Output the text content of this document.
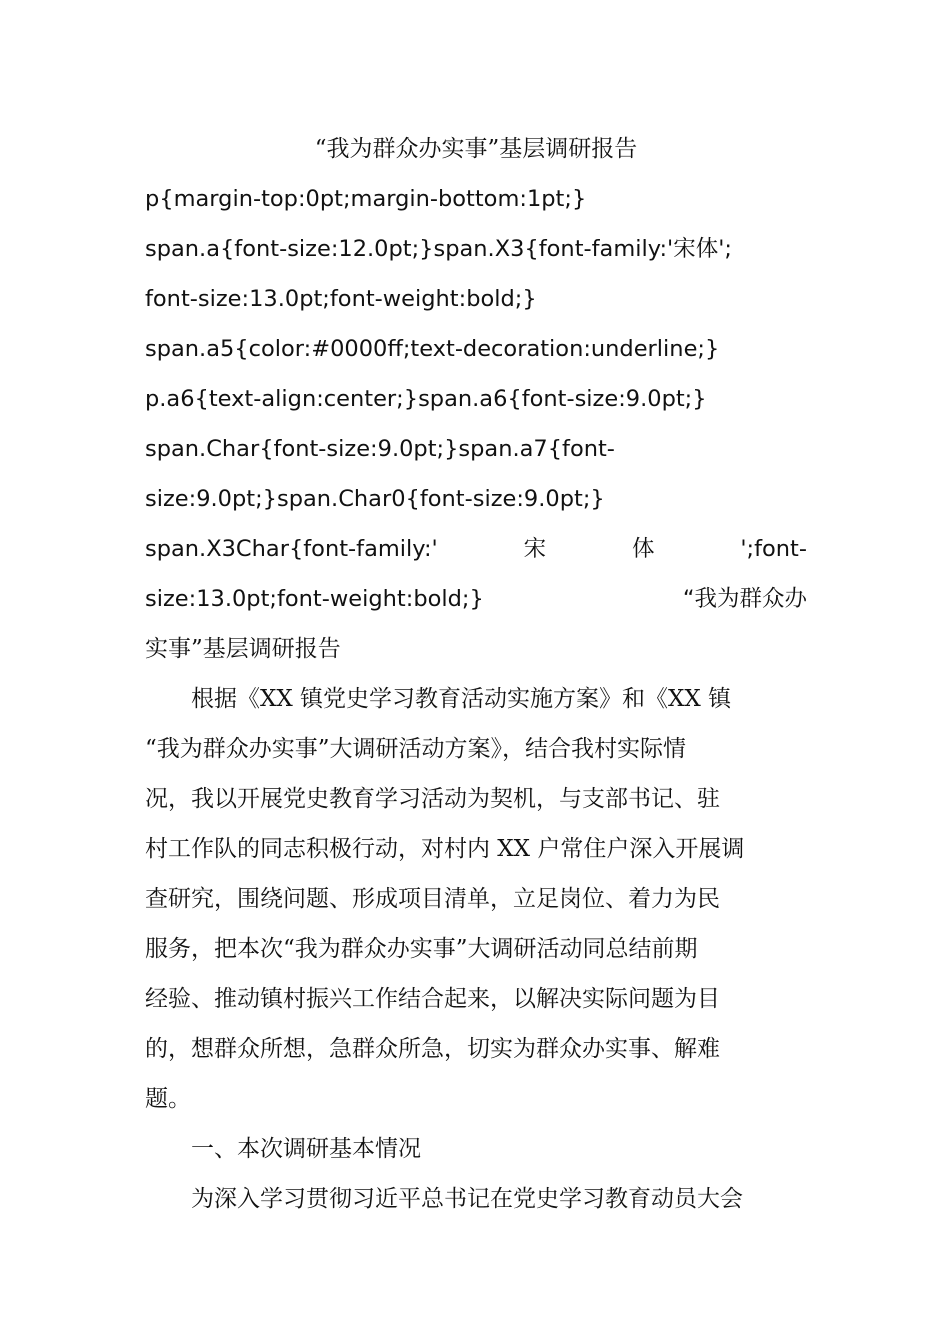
“我为群众办实事”基层调研报告
p{margin-top:0pt;margin-bottom:1pt;}
span.a{font-size:12.0pt;}span.X3{font-family:'宋体';
font-size:13.0pt;font-weight:bold;}
span.a5{color:#0000ff;text-decoration:underline;}
p.a6{text-align:center;}span.a6{font-size:9.0pt;}
span.Char{font-size:9.0pt;}span.a7{font-
size:9.0pt;}span.Char0{font-size:9.0pt;}
span.X3Char{font-family:'	宋	体	';font-
size:13.0pt;font-weight:bold;}	“我为群众办
实事”基层调研报告
根据《XX 镇党史学习教育活动实施方案》和《XX 镇
“我为群众办实事”大调研活动方案》，结合我村实际情
况，我以开展党史教育学习活动为契机，与支部书记、驻
村工作队的同志积极行动，对村内 XX 户常住户深入开展调
查研究，围绕问题、形成项目清单，立足岗位、着力为民
服务，把本次“我为群众办实事”大调研活动同总结前期
经验、推动镇村振兴工作结合起来，以解决实际问题为目
的，想群众所想，急群众所急，切实为群众办实事、解难
题。
一、本次调研基本情况
为深入学习贯彻习近平总书记在党史学习教育动员大会
